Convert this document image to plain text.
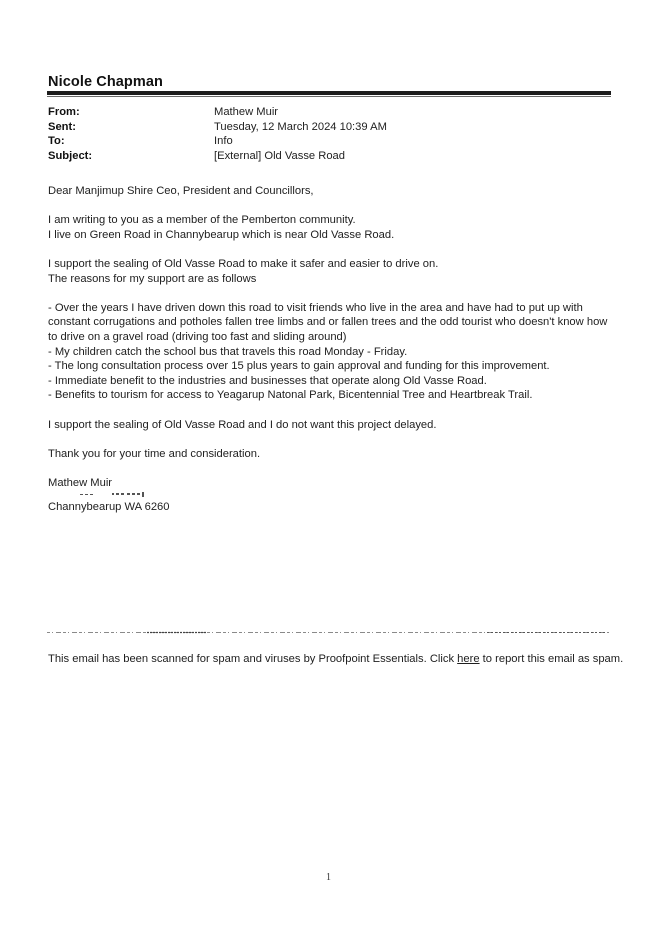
Nicole Chapman
From:	Mathew Muir
Sent:	Tuesday, 12 March 2024 10:39 AM
To:	Info
Subject:	[External] Old Vasse Road

Dear Manjimup Shire Ceo, President and Councillors,

I am writing to you as a member of the Pemberton community.

I live on Green Road in Channybearup which is near Old Vasse Road.

I support the sealing of Old Vasse Road to make it safer and easier to drive on.

The reasons for my support are as follows

- Over the years I have driven down this road to visit friends who live in the area and have had to put up with constant corrugations and potholes fallen tree limbs and or fallen trees and the odd tourist who doesn't know how to drive on a gravel road (driving too fast and sliding around)

- My children catch the school bus that travels this road Monday - Friday.

- The long consultation process over 15 plus years to gain approval and funding for this improvement.

- Immediate benefit to the industries and businesses that operate along Old Vasse Road.

- Benefits to tourism for access to Yeagarup Natonal Park, Bicentennial Tree and Heartbreak Trail.

I support the sealing of Old Vasse Road and I do not want this project delayed.

Thank you for your time and consideration.

Mathew Muir

Channybearup WA 6260

This email has been scanned for spam and viruses by Proofpoint Essentials. Click here to report this email as spam.
1
